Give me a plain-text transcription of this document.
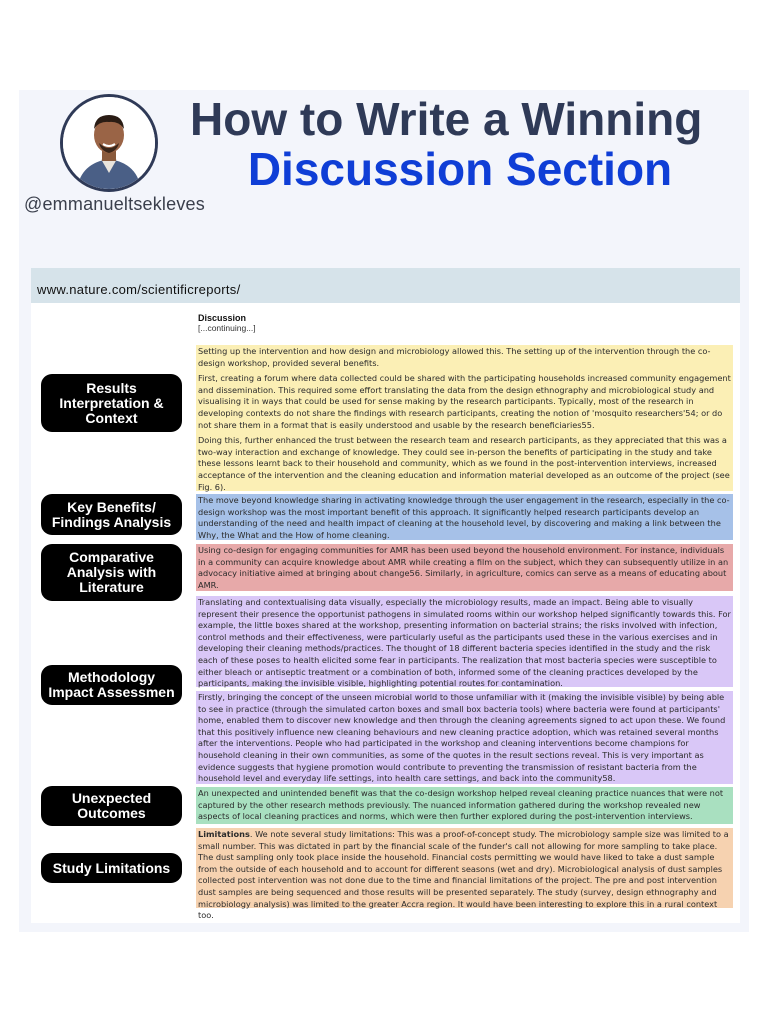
@emmanueltsekleves
How to Write a Winning
Discussion Section
www.nature.com/scientificreports/
Discussion
[...continuing...]

Setting up the intervention and how design and microbiology allowed this. The setting up of the intervention through the co-design workshop, provided several benefits.

First, creating a forum where data collected could be shared with the participating households increased community engagement and dissemination. This required some effort translating the data from the design ethnography and microbiological study and visualising it in ways that could be used for sense making by the research participants. Typically, most of the research in developing contexts do not share the findings with research participants, creating the notion of 'mosquito researchers'54; or do not share them in a format that is easily understood and usable by the research beneficiaries55.

Doing this, further enhanced the trust between the research team and research participants, as they appreciated that this was a two-way interaction and exchange of knowledge. They could see in-person the benefits of participating in the study and take these lessons learnt back to their household and community, which as we found in the post-intervention interviews, increased acceptance of the intervention and the cleaning education and information material developed as an outcome of the project (see Fig. 6).

The move beyond knowledge sharing in activating knowledge through the user engagement in the research, especially in the co-design workshop was the most important benefit of this approach. It significantly helped research participants develop an understanding of the need and health impact of cleaning at the household level, by discovering and making a link between the Why, the What and the How of home cleaning.

Using co-design for engaging communities for AMR has been used beyond the household environment. For instance, individuals in a community can acquire knowledge about AMR while creating a film on the subject, which they can subsequently utilize in an advocacy initiative aimed at bringing about change56. Similarly, in agriculture, comics can serve as a means of educating about AMR.

Translating and contextualising data visually, especially the microbiology results, made an impact. Being able to visually represent their presence the opportunist pathogens in simulated rooms within our workshop helped significantly towards this. For example, the little boxes shared at the workshop, presenting information on bacterial strains; the risks involved with infection, control methods and their effectiveness, were particularly useful as the participants used these in the various exercises and in developing their cleaning methods/practices. The thought of 18 different bacteria species identified in the study and the risk each of these poses to health elicited some fear in participants. The realization that most bacteria species were susceptible to either bleach or antiseptic treatment or a combination of both, informed some of the cleaning practices developed by the participants, making the invisible visible, highlighting potential routes for contamination.

Firstly, bringing the concept of the unseen microbial world to those unfamiliar with it (making the invisible visible) by being able to see in practice (through the simulated carton boxes and small box bacteria tools) where bacteria were found at participants' home, enabled them to discover new knowledge and then through the cleaning agreements signed to act upon these. We found that this positively influence new cleaning behaviours and new cleaning practice adoption, which was retained several months after the interventions. People who had participated in the workshop and cleaning interventions become champions for household cleaning in their own communities, as some of the quotes in the result sections reveal. This is very important as evidence suggests that hygiene promotion would contribute to preventing the transmission of resistant bacteria from the household level and everyday life settings, into health care settings, and back into the community58.

An unexpected and unintended benefit was that the co-design workshop helped reveal cleaning practice nuances that were not captured by the other research methods previously. The nuanced information gathered during the workshop revealed new aspects of local cleaning practices and norms, which were then further explored during the post-intervention interviews.

Limitations. We note several study limitations: This was a proof-of-concept study. The microbiology sample size was limited to a small number. This was dictated in part by the financial scale of the funder's call not allowing for more sampling to take place. The dust sampling only took place inside the household. Financial costs permitting we would have liked to take a dust sample from the outside of each household and to account for different seasons (wet and dry). Microbiological analysis of dust samples collected post intervention was not done due to the time and financial limitations of the project. The pre and post intervention dust samples are being sequenced and those results will be presented separately. The study (survey, design ethnography and microbiology analysis) was limited to the greater Accra region. It would have been interesting to explore this in a rural context too.

Results
Interpretation &
Context
Key Benefits/
Findings Analysis
Comparative
Analysis with
Literature
Methodology
Impact Assessmen
Unexpected
Outcomes
Study Limitations
